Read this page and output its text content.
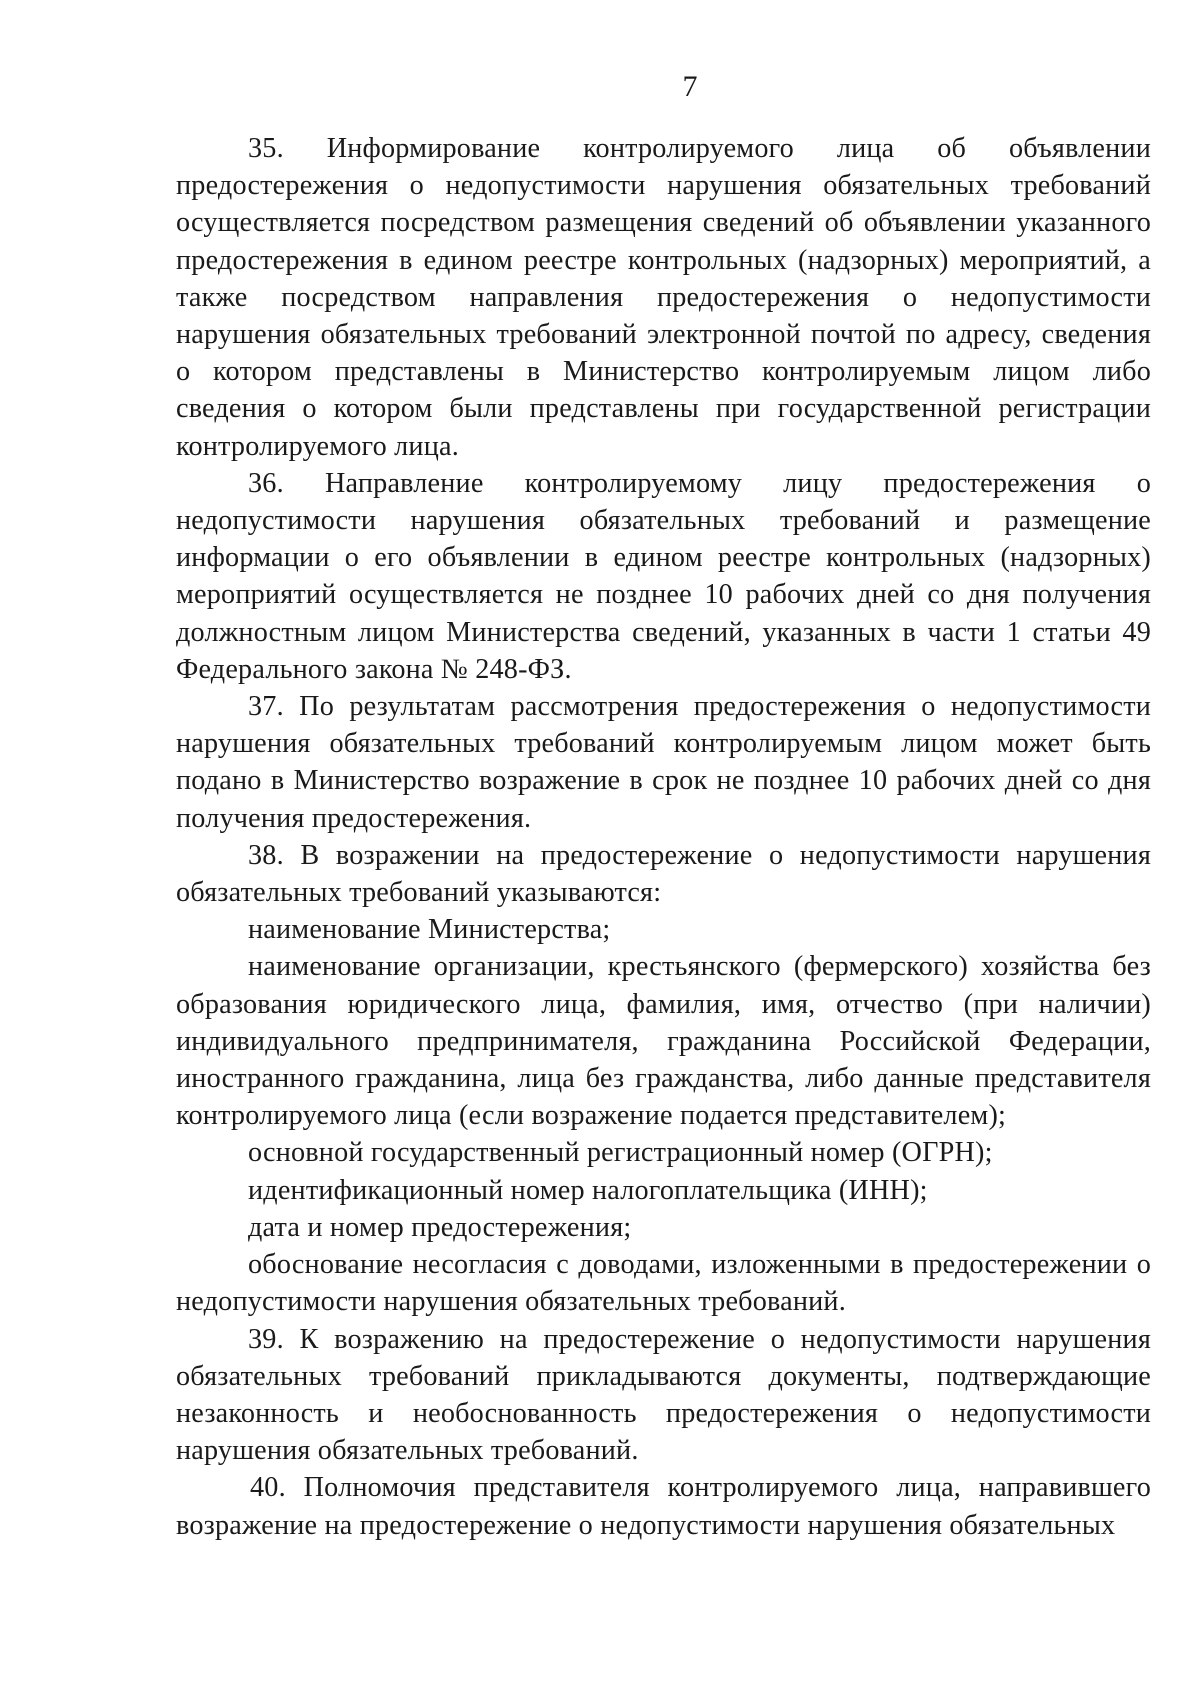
7

35. Информирование контролируемого лица об объявлении предостережения о недопустимости нарушения обязательных требований осуществляется посредством размещения сведений об объявлении указанного предостережения в едином реестре контрольных (надзорных) мероприятий, а также посредством направления предостережения о недопустимости нарушения обязательных требований электронной почтой по адресу, сведения о котором представлены в Министерство контролируемым лицом либо сведения о котором были представлены при государственной регистрации контролируемого лица.

36. Направление контролируемому лицу предостережения о недопустимости нарушения обязательных требований и размещение информации о его объявлении в едином реестре контрольных (надзорных) мероприятий осуществляется не позднее 10 рабочих дней со дня получения должностным лицом Министерства сведений, указанных в части 1 статьи 49 Федерального закона № 248-ФЗ.

37. По результатам рассмотрения предостережения о недопустимости нарушения обязательных требований контролируемым лицом может быть подано в Министерство возражение в срок не позднее 10 рабочих дней со дня получения предостережения.

38. В возражении на предостережение о недопустимости нарушения обязательных требований указываются:

наименование Министерства;

наименование организации, крестьянского (фермерского) хозяйства без образования юридического лица, фамилия, имя, отчество (при наличии) индивидуального предпринимателя, гражданина Российской Федерации, иностранного гражданина, лица без гражданства, либо данные представителя контролируемого лица (если возражение подается представителем);

основной государственный регистрационный номер (ОГРН);

идентификационный номер налогоплательщика (ИНН);

дата и номер предостережения;

обоснование несогласия с доводами, изложенными в предостережении о недопустимости нарушения обязательных требований.

39. К возражению на предостережение о недопустимости нарушения обязательных требований прикладываются документы, подтверждающие незаконность и необоснованность предостережения о недопустимости нарушения обязательных требований.

40. Полномочия представителя контролируемого лица, направившего возражение на предостережение о недопустимости нарушения обязательных
